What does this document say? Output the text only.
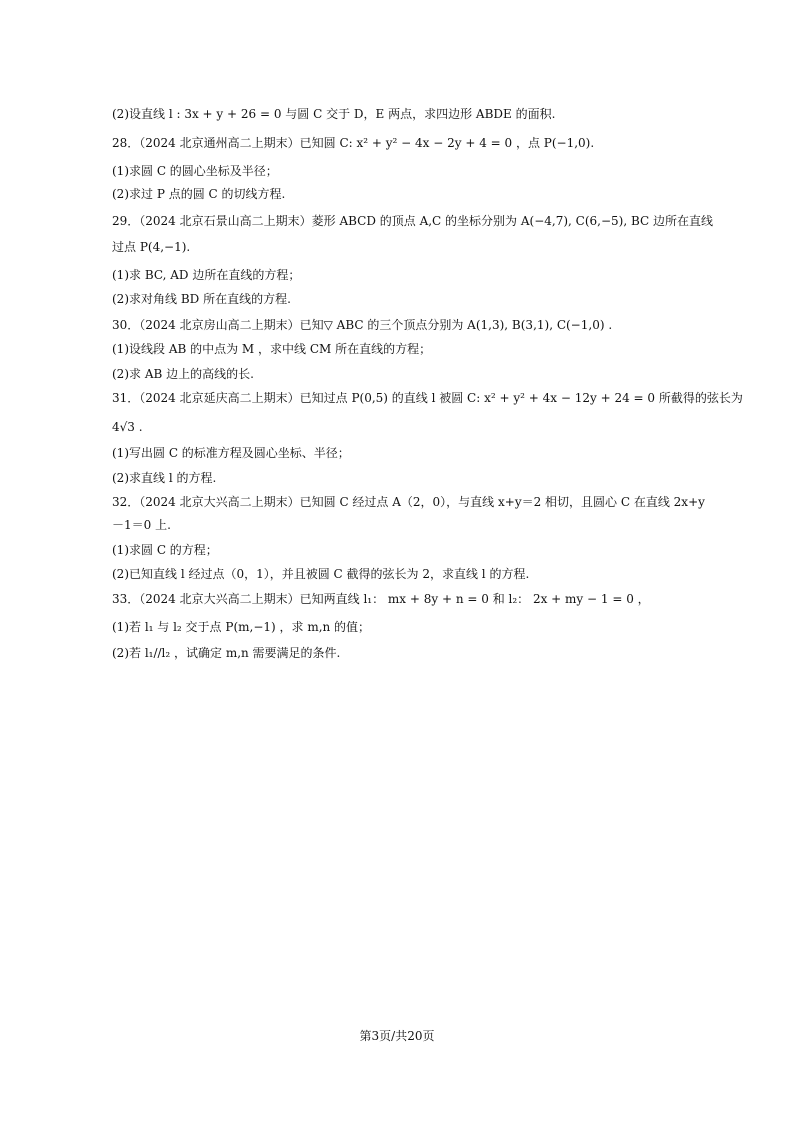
(2)设直线 l : 3x + y + 26 = 0 与圆 C 交于 D，E 两点，求四边形 ABDE 的面积.
28．（2024 北京通州高二上期末）已知圆 C: x² + y² − 4x − 2y + 4 = 0 ，点 P(−1,0).
(1)求圆 C 的圆心坐标及半径；
(2)求过 P 点的圆 C 的切线方程.
29．（2024 北京石景山高二上期末）菱形 ABCD 的顶点 A,C 的坐标分别为 A(−4,7), C(6,−5), BC 边所在直线
过点 P(4,−1).
(1)求 BC, AD 边所在直线的方程；
(2)求对角线 BD 所在直线的方程.
30．（2024 北京房山高二上期末）已知▽ ABC 的三个顶点分别为 A(1,3), B(3,1), C(−1,0) .
(1)设线段 AB 的中点为 M ，求中线 CM 所在直线的方程；
(2)求 AB 边上的高线的长.
31．（2024 北京延庆高二上期末）已知过点 P(0,5) 的直线 l 被圆 C: x² + y² + 4x − 12y + 24 = 0 所截得的弦长为
4√3 .
(1)写出圆 C 的标准方程及圆心坐标、半径；
(2)求直线 l 的方程.
32．（2024 北京大兴高二上期末）已知圆 C 经过点 A（2，0），与直线 x+y＝2 相切，且圆心 C 在直线 2x+y
－1＝0 上.
(1)求圆 C 的方程；
(2)已知直线 l 经过点（0，1），并且被圆 C 截得的弦长为 2，求直线 l 的方程.
33．（2024 北京大兴高二上期末）已知两直线 l₁： mx + 8y + n = 0 和 l₂： 2x + my − 1 = 0 ，
(1)若 l₁ 与 l₂ 交于点 P(m,−1) ，求 m,n 的值；
(2)若 l₁//l₂ ，试确定 m,n 需要满足的条件.
第3页/共20页
